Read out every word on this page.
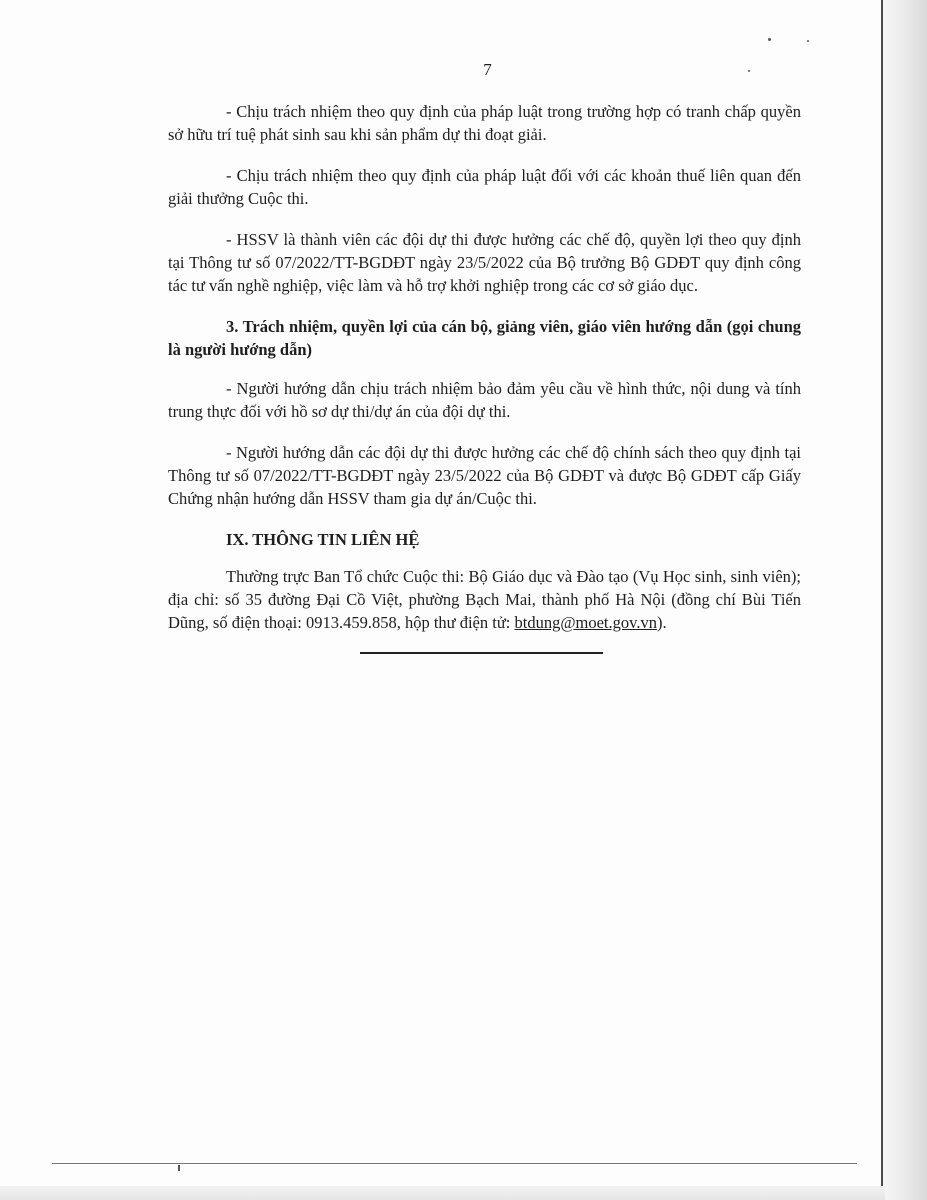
7

- Chịu trách nhiệm theo quy định của pháp luật trong trường hợp có tranh chấp quyền sở hữu trí tuệ phát sinh sau khi sản phẩm dự thi đoạt giải.

- Chịu trách nhiệm theo quy định của pháp luật đối với các khoản thuế liên quan đến giải thưởng Cuộc thi.

- HSSV là thành viên các đội dự thi được hưởng các chế độ, quyền lợi theo quy định tại Thông tư số 07/2022/TT-BGDĐT ngày 23/5/2022 của Bộ trưởng Bộ GDĐT quy định công tác tư vấn nghề nghiệp, việc làm và hỗ trợ khởi nghiệp trong các cơ sở giáo dục.

3. Trách nhiệm, quyền lợi của cán bộ, giảng viên, giáo viên hướng dẫn (gọi chung là người hướng dẫn)

- Người hướng dẫn chịu trách nhiệm bảo đảm yêu cầu về hình thức, nội dung và tính trung thực đối với hồ sơ dự thi/dự án của đội dự thi.

- Người hướng dẫn các đội dự thi được hưởng các chế độ chính sách theo quy định tại Thông tư số 07/2022/TT-BGDĐT ngày 23/5/2022 của Bộ GDĐT và được Bộ GDĐT cấp Giấy Chứng nhận hướng dẫn HSSV tham gia dự án/Cuộc thi.

IX. THÔNG TIN LIÊN HỆ

Thường trực Ban Tổ chức Cuộc thi: Bộ Giáo dục và Đào tạo (Vụ Học sinh, sinh viên); địa chỉ: số 35 đường Đại Cồ Việt, phường Bạch Mai, thành phố Hà Nội (đồng chí Bùi Tiến Dũng, số điện thoại: 0913.459.858, hộp thư điện tử: btdung@moet.gov.vn).
